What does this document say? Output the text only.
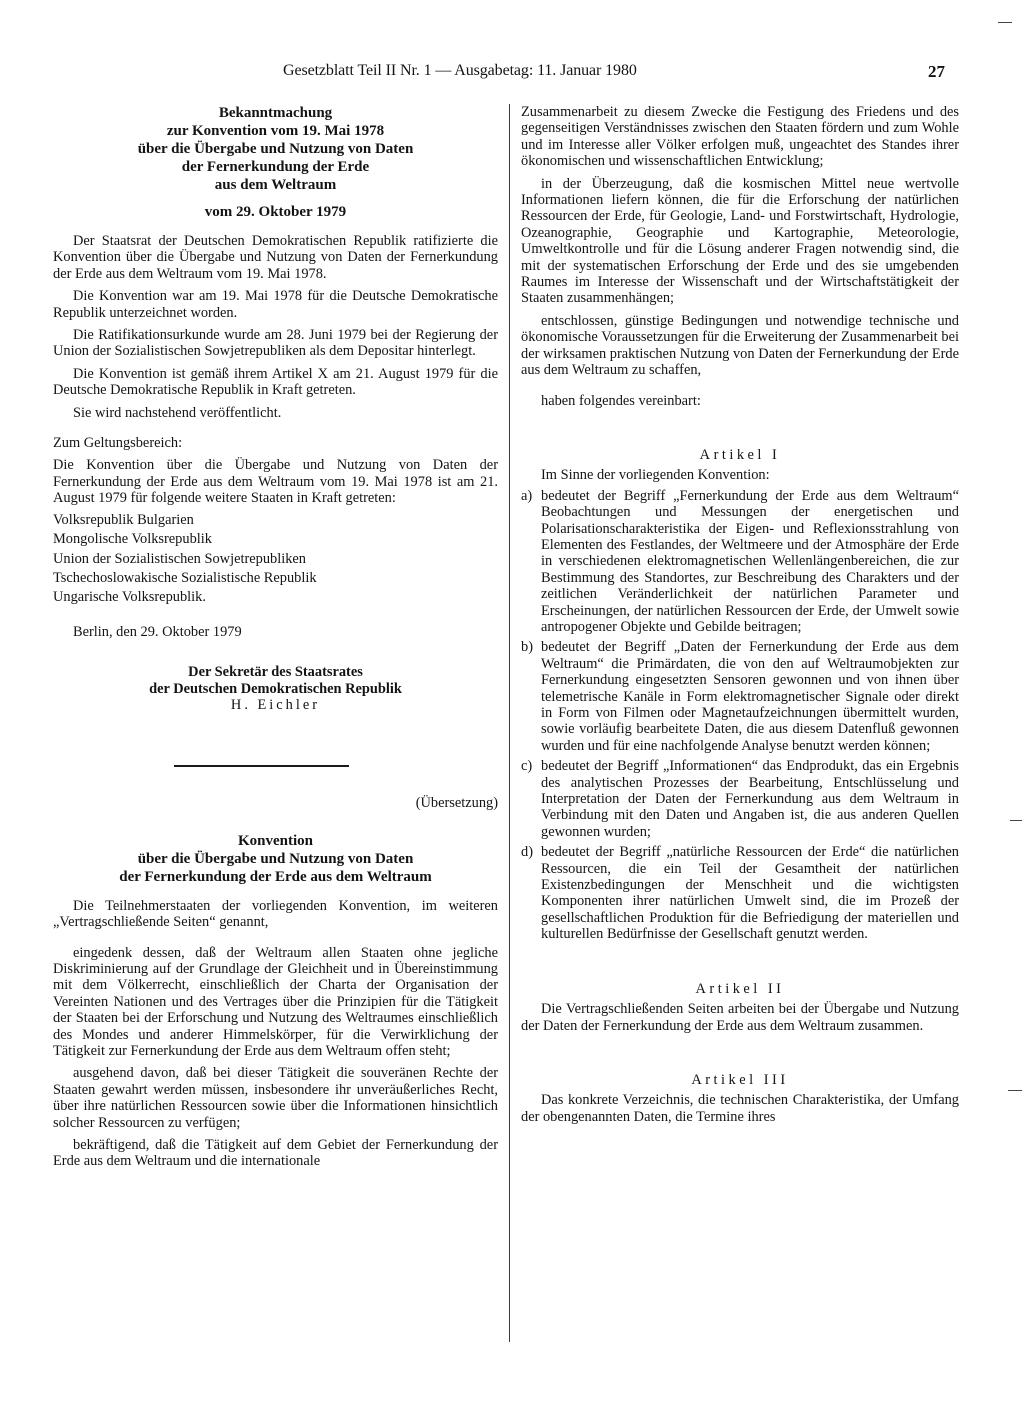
Gesetzblatt Teil II Nr. 1 — Ausgabetag: 11. Januar 1980	27
Bekanntmachung
zur Konvention vom 19. Mai 1978
über die Übergabe und Nutzung von Daten
der Fernerkundung der Erde
aus dem Weltraum
vom 29. Oktober 1979

Der Staatsrat der Deutschen Demokratischen Republik ratifizierte die Konvention über die Übergabe und Nutzung von Daten der Fernerkundung der Erde aus dem Weltraum vom 19. Mai 1978.

Die Konvention war am 19. Mai 1978 für die Deutsche Demokratische Republik unterzeichnet worden.

Die Ratifikationsurkunde wurde am 28. Juni 1979 bei der Regierung der Union der Sozialistischen Sowjetrepubliken als dem Depositar hinterlegt.

Die Konvention ist gemäß ihrem Artikel X am 21. August 1979 für die Deutsche Demokratische Republik in Kraft getreten.

Sie wird nachstehend veröffentlicht.

Zum Geltungsbereich:

Die Konvention über die Übergabe und Nutzung von Daten der Fernerkundung der Erde aus dem Weltraum vom 19. Mai 1978 ist am 21. August 1979 für folgende weitere Staaten in Kraft getreten:

Volksrepublik Bulgarien
Mongolische Volksrepublik
Union der Sozialistischen Sowjetrepubliken
Tschechoslowakische Sozialistische Republik
Ungarische Volksrepublik.

Berlin, den 29. Oktober 1979

Der Sekretär des Staatsrates
der Deutschen Demokratischen Republik
H. Eichler
(Übersetzung)
Konvention
über die Übergabe und Nutzung von Daten
der Fernerkundung der Erde aus dem Weltraum

Die Teilnehmerstaaten der vorliegenden Konvention, im weiteren „Vertragschließende Seiten“ genannt,

eingedenk dessen, daß der Weltraum allen Staaten ohne jegliche Diskriminierung auf der Grundlage der Gleichheit und in Übereinstimmung mit dem Völkerrecht, einschließlich der Charta der Organisation der Vereinten Nationen und des Vertrages über die Prinzipien für die Tätigkeit der Staaten bei der Erforschung und Nutzung des Weltraumes einschließlich des Mondes und anderer Himmelskörper, für die Verwirklichung der Tätigkeit zur Fernerkundung der Erde aus dem Weltraum offen steht;

ausgehend davon, daß bei dieser Tätigkeit die souveränen Rechte der Staaten gewahrt werden müssen, insbesondere ihr unveräußerliches Recht, über ihre natürlichen Ressourcen sowie über die Informationen hinsichtlich solcher Ressourcen zu verfügen;

bekräftigend, daß die Tätigkeit auf dem Gebiet der Fernerkundung der Erde aus dem Weltraum und die internationale

Zusammenarbeit zu diesem Zwecke die Festigung des Friedens und des gegenseitigen Verständnisses zwischen den Staaten fördern und zum Wohle und im Interesse aller Völker erfolgen muß, ungeachtet des Standes ihrer ökonomischen und wissenschaftlichen Entwicklung;

in der Überzeugung, daß die kosmischen Mittel neue wertvolle Informationen liefern können, die für die Erforschung der natürlichen Ressourcen der Erde, für Geologie, Land- und Forstwirtschaft, Hydrologie, Ozeanographie, Geographie und Kartographie, Meteorologie, Umweltkontrolle und für die Lösung anderer Fragen notwendig sind, die mit der systematischen Erforschung der Erde und des sie umgebenden Raumes im Interesse der Wissenschaft und der Wirtschaftstätigkeit der Staaten zusammenhängen;

entschlossen, günstige Bedingungen und notwendige technische und ökonomische Voraussetzungen für die Erweiterung der Zusammenarbeit bei der wirksamen praktischen Nutzung von Daten der Fernerkundung der Erde aus dem Weltraum zu schaffen,

haben folgendes vereinbart:

Artikel I

Im Sinne der vorliegenden Konvention:

a) bedeutet der Begriff „Fernerkundung der Erde aus dem Weltraum“ Beobachtungen und Messungen der energetischen und Polarisationscharakteristika der Eigen- und Reflexionsstrahlung von Elementen des Festlandes, der Weltmeere und der Atmosphäre der Erde in verschiedenen elektromagnetischen Wellenlängenbereichen, die zur Bestimmung des Standortes, zur Beschreibung des Charakters und der zeitlichen Veränderlichkeit der natürlichen Parameter und Erscheinungen, der natürlichen Ressourcen der Erde, der Umwelt sowie antropogener Objekte und Gebilde beitragen;
b) bedeutet der Begriff „Daten der Fernerkundung der Erde aus dem Weltraum“ die Primärdaten, die von den auf Weltraumobjekten zur Fernerkundung eingesetzten Sensoren gewonnen und von ihnen über telemetrische Kanäle in Form elektromagnetischer Signale oder direkt in Form von Filmen oder Magnetaufzeichnungen übermittelt wurden, sowie vorläufig bearbeitete Daten, die aus diesem Datenfluß gewonnen wurden und für eine nachfolgende Analyse benutzt werden können;
c) bedeutet der Begriff „Informationen“ das Endprodukt, das ein Ergebnis des analytischen Prozesses der Bearbeitung, Entschlüsselung und Interpretation der Daten der Fernerkundung aus dem Weltraum in Verbindung mit den Daten und Angaben ist, die aus anderen Quellen gewonnen wurden;
d) bedeutet der Begriff „natürliche Ressourcen der Erde“ die natürlichen Ressourcen, die ein Teil der Gesamtheit der natürlichen Existenzbedingungen der Menschheit und die wichtigsten Komponenten ihrer natürlichen Umwelt sind, die im Prozeß der gesellschaftlichen Produktion für die Befriedigung der materiellen und kulturellen Bedürfnisse der Gesellschaft genutzt werden.
Artikel II

Die Vertragschließenden Seiten arbeiten bei der Übergabe und Nutzung der Daten der Fernerkundung der Erde aus dem Weltraum zusammen.

Artikel III

Das konkrete Verzeichnis, die technischen Charakteristika, der Umfang der obengenannten Daten, die Termine ihres
